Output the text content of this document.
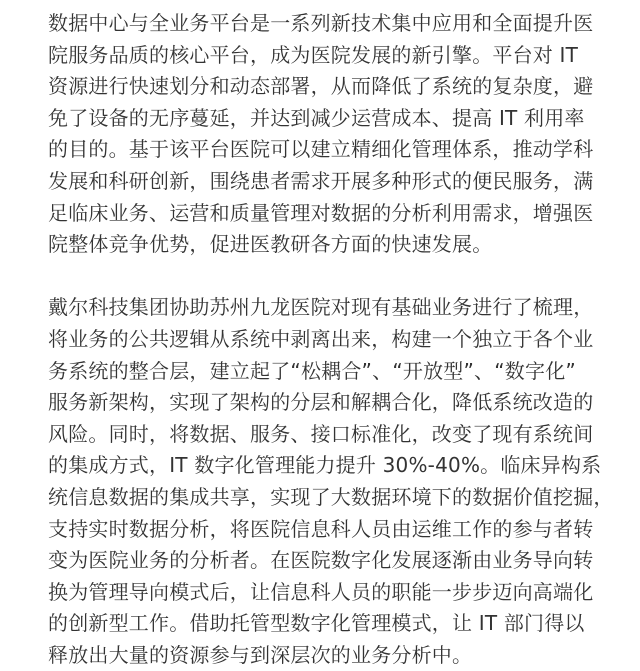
数据中心与全业务平台是一系列新技术集中应用和全面提升医
院服务品质的核心平台，成为医院发展的新引擎。平台对 IT
资源进行快速划分和动态部署，从而降低了系统的复杂度，避
免了设备的无序蔓延，并达到减少运营成本、提高 IT 利用率
的目的。基于该平台医院可以建立精细化管理体系，推动学科
发展和科研创新，围绕患者需求开展多种形式的便民服务，满
足临床业务、运营和质量管理对数据的分析利用需求，增强医
院整体竞争优势，促进医教研各方面的快速发展。
戴尔科技集团协助苏州九龙医院对现有基础业务进行了梳理，
将业务的公共逻辑从系统中剥离出来，构建一个独立于各个业
务系统的整合层，建立起了“松耦合”、“开放型”、“数字化”
服务新架构，实现了架构的分层和解耦合化，降低系统改造的
风险。同时，将数据、服务、接口标准化，改变了现有系统间
的集成方式，IT 数字化管理能力提升 30%-40%。临床异构系
统信息数据的集成共享，实现了大数据环境下的数据价值挖掘，
支持实时数据分析，将医院信息科人员由运维工作的参与者转
变为医院业务的分析者。在医院数字化发展逐渐由业务导向转
换为管理导向模式后，让信息科人员的职能一步步迈向高端化
的创新型工作。借助托管型数字化管理模式，让 IT 部门得以
释放出大量的资源参与到深层次的业务分析中。
